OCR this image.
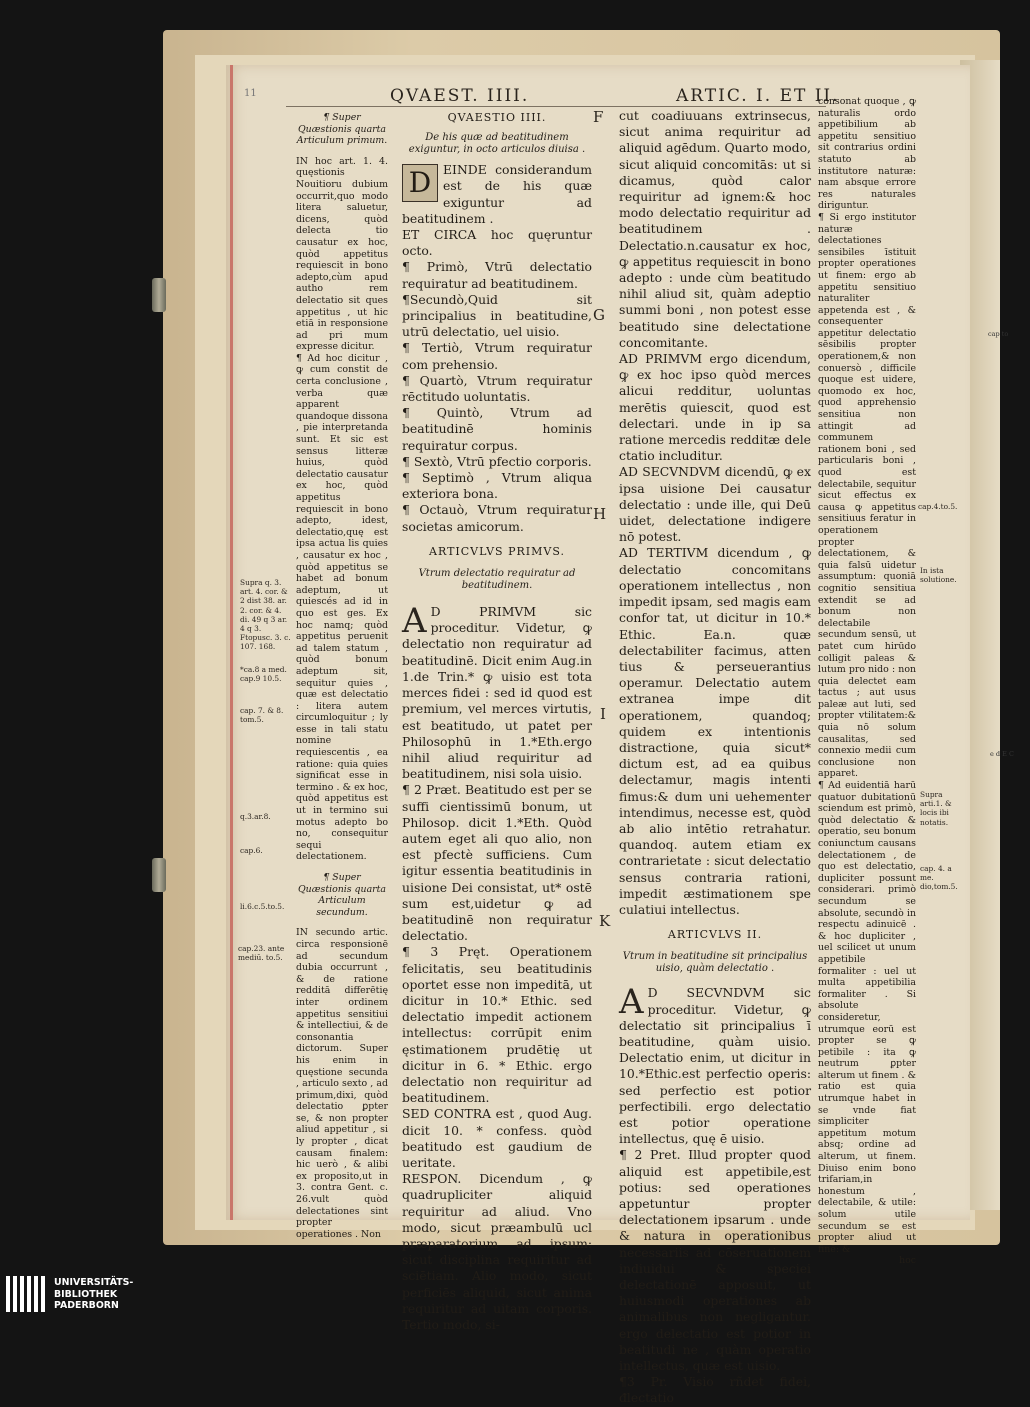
cap to
e d E C
11	QVAEST. IIII.	ARTIC. I. ET II.
F
G
H
I
K
Supra q. 3. art. 4. cor. & 2 dist 38. ar. 2. cor. & 4. di. 49 q 3 ar. 4 q 3. Ftopusc. 3. c. 107. 168.
*ca.8 a med. cap.9 10.5.
cap. 7. & 8. tom.5.
q.3.ar.8.
cap.6.
li.6.c.5.to.5.
cap.23. ante mediū. to.5.

¶ Super Quæstionis quarta Articulum primum.

IN hoc art. 1. 4. quęstionis Nouitioru dubium occurrit,quo modo litera saluetur, dicens, quòd delecta tio causatur ex hoc, quòd appetitus requiescit in bono adepto,cùm apud autho rem delectatio sit ques appetitus , ut hic etiā in responsione ad pri mum expresse dicitur.

¶ Ad hoc dicitur , ꝙ cum constit de certa conclusione , verba quæ apparent quandoque dissona , pie interpretanda sunt. Et sic est sensus litteræ huius, quòd delectatio causatur ex hoc, quòd appetitus requiescit in bono adepto, idest, delectatio,quę est ipsa actua lis quies , causatur ex hoc , quòd appetitus se habet ad bonum adeptum, ut quiescés ad id in quo est ges. Ex hoc namq; quòd appetitus peruenit ad talem statum , quòd bonum adeptum sit, sequitur quies , quæ est delectatio : litera autem circumloquitur ; ly esse in tali statu nomine requiescentis , ea ratione: quia quies significat esse in termino . & ex hoc, quòd appetitus est ut in termino sui motus adepto bo no, consequitur sequi delectationem.

¶ Super Quæstionis quarta Articulum secundum.

IN secundo artic. circa responsionē ad secundum dubia occurrunt , & de ratione redditā differētię inter ordinem appetitus sensitiui & intellectiui, & de consonantia dictorum. Super his enim in quęstione secunda , articulo sexto , ad primum,dixi, quòd delectatio ꝑpter se, & non propter aliud appetitur , si ly propter , dicat causam finalem: hic uerò , & alibi ex proposito,ut in 3. contra Gent. c. 26.vult quòd delectationes sint propter operationes . Non

QVAESTIO IIII.

De his quæ ad beatitudinem exiguntur, in octo articulos diuisa .

D EINDE considerandum est de his quæ exiguntur ad beatitudinem .

ET CIRCA hoc quęruntur octo.

¶ Primò, Vtrū delectatio requiratur ad beatitudinem.

¶Secundò,Quid sit principalius in beatitudine, utrū delectatio, uel uisio.

¶ Tertiò, Vtrum requiratur com prehensio.

¶ Quartò, Vtrum requiratur rēctitudo uoluntatis.

¶ Quintò, Vtrum ad beatitudinē hominis requiratur corpus.

¶ Sextò, Vtrū pfectio corporis.

¶ Septimò , Vtrum aliqua exteriora bona.

¶ Octauò, Vtrum requiratur societas amicorum.

ARTICVLVS PRIMVS.

Vtrum delectatio requiratur ad beatitudinem.

A D PRIMVM sic proceditur. Videtur, ꝙ delectatio non requiratur ad beatitudinē. Dicit enim Aug.in 1.de Trin.* ꝙ uisio est tota merces fidei : sed id quod est premium, vel merces virtutis, est beatitudo, ut patet per Philosophū in 1.*Eth.ergo nihil aliud requiritur ad beatitudinem, nisi sola uisio.

¶ 2 Præt. Beatitudo est per se suffi cientissimū bonum, ut Philosop. dicit 1.*Eth. Quòd autem eget ali quo alio, non est pfectè sufficiens. Cum igitur essentia beatitudinis in uisione Dei consistat, ut* ostē sum est,uidetur ꝙ ad beatitudinē non requiratur delectatio.

¶ 3 Pręt. Operationem felicitatis, seu beatitudinis oportet esse non impeditā, ut dicitur in 10.* Ethic. sed delectatio impedit actionem intellectus: corrūpit enim ęstimationem prudētię ut dicitur in 6. * Ethic. ergo delectatio non requiritur ad beatitudinem.

SED CONTRA est , quod Aug. dicit 10. * confess. quòd beatitudo est gaudium de ueritate.

RESPON. Dicendum , ꝙ quadrupliciter aliquid requiritur ad aliud. Vno modo, sicut præambulū ucl præparatorium ad ipsum: sicut disciplina requiritur ad sciētiam. Alio modo, sicut perficiēs aliquid, sicut anima requiritur ad uitam corporis. Tertio modo, si-

cut coadiuuans extrinsecus, sicut anima requiritur ad aliquid agēdum. Quarto modo, sicut aliquid concomitās: ut si dicamus, quòd calor requiritur ad ignem:& hoc modo delectatio requiritur ad beatitudinem . Delectatio.n.causatur ex hoc, ꝙ appetitus requiescit in bono adepto : unde cùm beatitudo nihil aliud sit, quàm adeptio summi boni , non potest esse beatitudo sine delectatione concomitante.

AD PRIMVM ergo dicendum, ꝙ ex hoc ipso quòd merces alicui redditur, uoluntas merētis quiescit, quod est delectari. unde in ip sa ratione mercedis redditæ dele ctatio includitur.

AD SECVNDVM dicendū, ꝙ ex ipsa uisione Dei causatur delectatio : unde ille, qui Deū uidet, delectatione indigere nō potest.

AD TERTIVM dicendum , ꝙ delectatio concomitans operationem intellectus , non impedit ipsam, sed magis eam confor tat, ut dicitur in 10.* Ethic. Ea.n. quæ delectabiliter facimus, atten tius & perseuerantius operamur. Delectatio autem extranea impe dit operationem, quandoq; quidem ex intentionis distractione, quia sicut* dictum est, ad ea quibus delectamur, magis intenti fimus:& dum uni uehementer intendimus, necesse est, quòd ab alio intētio retrahatur. quandoq. autem etiam ex contrarietate : sicut delectatio sensus contraria rationi, impedit æstimationem spe culatiui intellectus.

ARTICVLVS II.

Vtrum in beatitudine sit principalius uisio, quàm delectatio .

A D SECVNDVM sic proceditur. Videtur, ꝙ delectatio sit principalius ī beatitudine, quàm uisio. Delectatio enim, ut dicitur in 10.*Ethic.est perfectio operis: sed perfectio est potior perfectibili. ergo delectatio est potior operatione intellectus, quę ē uisio.

¶ 2 Pret. Illud propter quod aliquid est appetibile,est potius: sed operationes appetuntur propter delectationem ipsarum . unde & natura in operationibus necessariis ad cōseruationem indiuidui & speciei delectationē apposuit, ut huiusmodi operationes ab animalibus non negligantur. ergo delectatio est potior in beatitudi ne , quàm operatio intellectus, quæ est uisio.

¶3 Pr. Visio rñdet fidei, đlectatio

consonat quoque , ꝙ naturalis ordo appetibilium ab appetitu sensitiuo sit contrarius ordini statuto ab institutore naturæ: nam absque errore res naturales diriguntur.

¶ Si ergo institutor naturæ delectationes sensibiles īstituit propter operationes ut finem: ergo ab appetitu sensitiuo naturaliter appetenda est , & consequenter appetitur delectatio sēsibilis propter operationem,& non conuersò , difficile quoque est uidere, quomodo ex hoc, quod apprehensio sensitiua non attingit ad communem rationem boni , sed particularis boni , quod est delectabile, sequitur sicut effectus ex causa ꝙ appetitus sensitiuus feratur in operationem propter delectationem, & quia falsū uidetur assumptum: quoniā cognitio sensitiua extendit se ad bonum non delectabile secundum sensū, ut patet cum hirūdo colligit paleas & lutum pro nido : non quia delectet eam tactus ; aut usus paleæ aut luti, sed propter vtilitatem:& quia nō solum causalitas, sed connexio medii cum conclusione non apparet.

¶ Ad euidentiā harū quatuor dubitationū sciendum est primò, quòd delectatio & operatio, seu bonum coniunctum causans delectationem , de quo est delectatio, dupliciter possunt considerari. primò secundum se absolute, secundò in respectu adinuicē . & hoc dupliciter , uel scilicet ut unum appetibile formaliter : uel ut multa appetibilia formaliter . Si absolute consideretur, utrumque eorū est propter se ꝙ petibile : ita ꝙ neutrum ꝑpter alterum ut finem . & ratio est quia utrumque habet in se vnde fiat simpliciter appetitum motum absq; ordine ad alterum, ut finem. Diuiso enim bono trifariam,in honestum , delectabile, & utile: solum utile secundum se est propter aliud ut finē: &

hoc

cap.4.to.5.
In ista solutione.
Supra arti.1. & locis ibi notatis.
cap. 4. a me. dio,tom.5.
UNIVERSITÄTS-
BIBLIOTHEK
PADERBORN
